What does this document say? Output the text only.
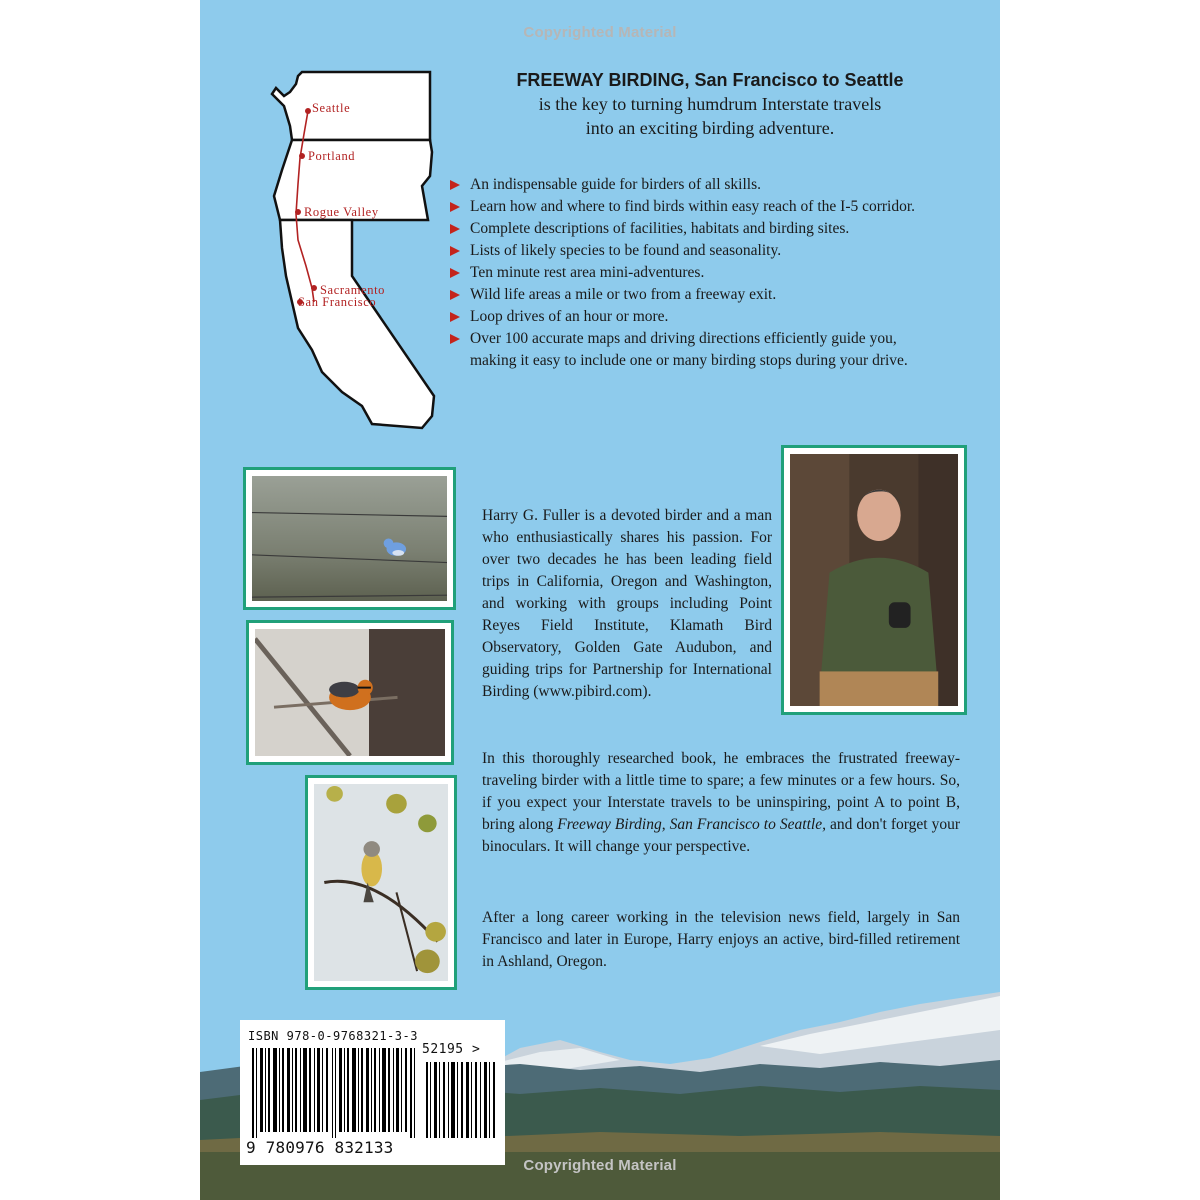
Copyrighted Material
Seattle
Portland
Rogue Valley
Sacramento
San Francisco
FREEWAY BIRDING, San Francisco to Seattle
is the key to turning humdrum Interstate travels
into an exciting birding adventure.
An indispensable guide for birders of all skills.
Learn how and where to find birds within easy reach of the I-5 corridor.
Complete descriptions of facilities, habitats and birding sites.
Lists of likely species to be found and seasonality.
Ten minute rest area mini-adventures.
Wild life areas a mile or two from a freeway exit.
Loop drives of an hour or more.
Over 100 accurate maps and driving directions efficiently guide you, making it easy to include one or many birding stops during your drive.

Harry G. Fuller is a devoted birder and a man who enthusiastically shares his passion. For over two decades he has been leading field trips in California, Oregon and Washington, and working with groups including Point Reyes Field Institute, Klamath Bird Observatory, Golden Gate Audubon, and guiding trips for Partnership for International Birding (www.pibird.com).

In this thoroughly researched book, he embraces the frustrated freeway-traveling birder with a little time to spare; a few minutes or a few hours. So, if you expect your Interstate travels to be uninspiring, point A to point B, bring along Freeway Birding, San Francisco to Seattle, and don't forget your binoculars. It will change your perspective.

After a long career working in the television news field, largely in San Francisco and later in Europe, Harry enjoys an active, bird-filled retirement in Ashland, Oregon.

ISBN 978-0-9768321-3-3
52195 >
9 780976 832133
Copyrighted Material
